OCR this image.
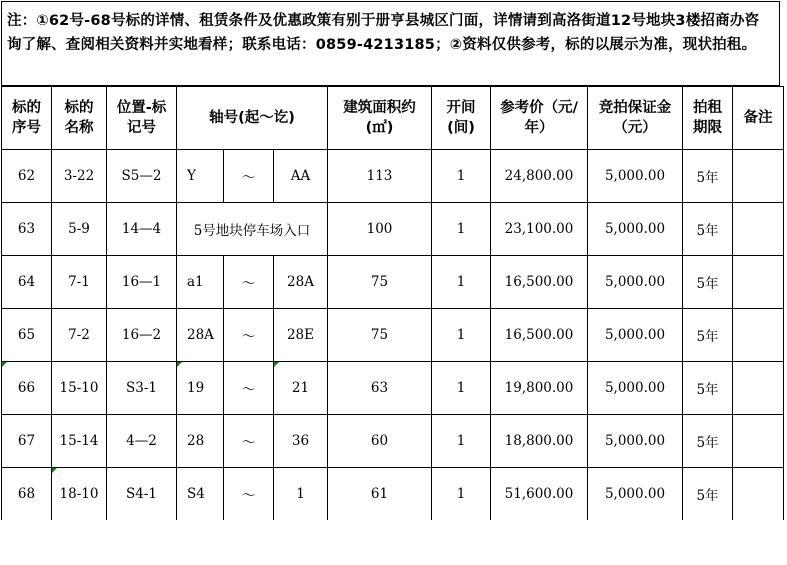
注：①62号-68号标的详情、租赁条件及优惠政策有别于册亨县城区门面，详情请到高洛街道12号地块3楼招商办咨询了解、查阅相关资料并实地看样；联系电话：0859-4213185；②资料仅供参考，标的以展示为准，现状拍租。
标的序号	标的名称	位置-标记号	轴号(起～讫)			建筑面积约(㎡)	开间(间)	参考价（元/年）	竞拍保证金（元）	拍租期限	备注
62	3-22	S5—2	Y	～	AA	113	1	24,800.00	5,000.00	5年	
63	5-9	14—4	5号地块停车场入口			100	1	23,100.00	5,000.00	5年	
64	7-1	16—1	a1	～	28A	75	1	16,500.00	5,000.00	5年	
65	7-2	16—2	28A	～	28E	75	1	16,500.00	5,000.00	5年	
66	15-10	S3-1	19	～	21	63	1	19,800.00	5,000.00	5年	
67	15-14	4—2	28	～	36	60	1	18,800.00	5,000.00	5年	
68	18-10	S4-1	S4	～	1	61	1	51,600.00	5,000.00	5年	
